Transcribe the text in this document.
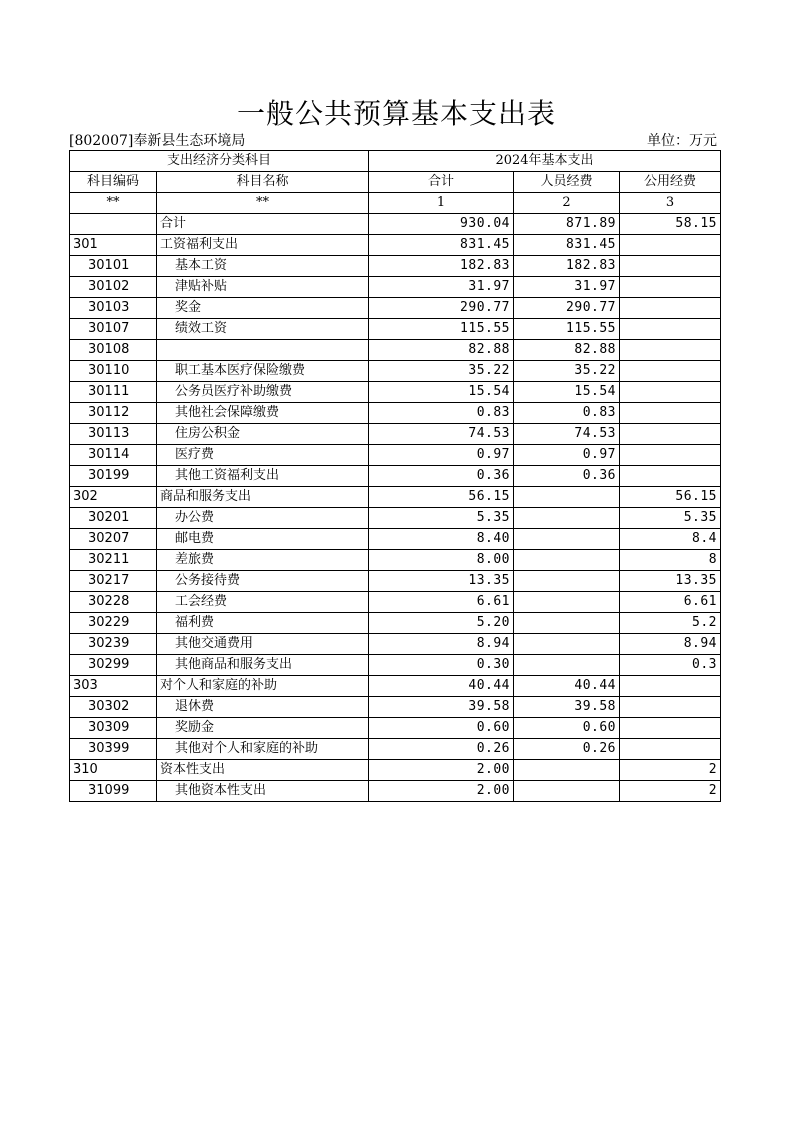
一般公共预算基本支出表
[802007]奉新县生态环境局	单位：万元
支出经济分类科目		2024年基本支出		
科目编码	科目名称	合计	人员经费	公用经费
**	**	1	2	3
	合计	930.04	871.89	58.15
301	工资福利支出	831.45	831.45	
30101	基本工资	182.83	182.83	
30102	津贴补贴	31.97	31.97	
30103	奖金	290.77	290.77	
30107	绩效工资	115.55	115.55	
30108		82.88	82.88	
30110	职工基本医疗保险缴费	35.22	35.22	
30111	公务员医疗补助缴费	15.54	15.54	
30112	其他社会保障缴费	0.83	0.83	
30113	住房公积金	74.53	74.53	
30114	医疗费	0.97	0.97	
30199	其他工资福利支出	0.36	0.36	
302	商品和服务支出	56.15		56.15
30201	办公费	5.35		5.35
30207	邮电费	8.40		8.4
30211	差旅费	8.00		8
30217	公务接待费	13.35		13.35
30228	工会经费	6.61		6.61
30229	福利费	5.20		5.2
30239	其他交通费用	8.94		8.94
30299	其他商品和服务支出	0.30		0.3
303	对个人和家庭的补助	40.44	40.44	
30302	退休费	39.58	39.58	
30309	奖励金	0.60	0.60	
30399	其他对个人和家庭的补助	0.26	0.26	
310	资本性支出	2.00		2
31099	其他资本性支出	2.00		2
